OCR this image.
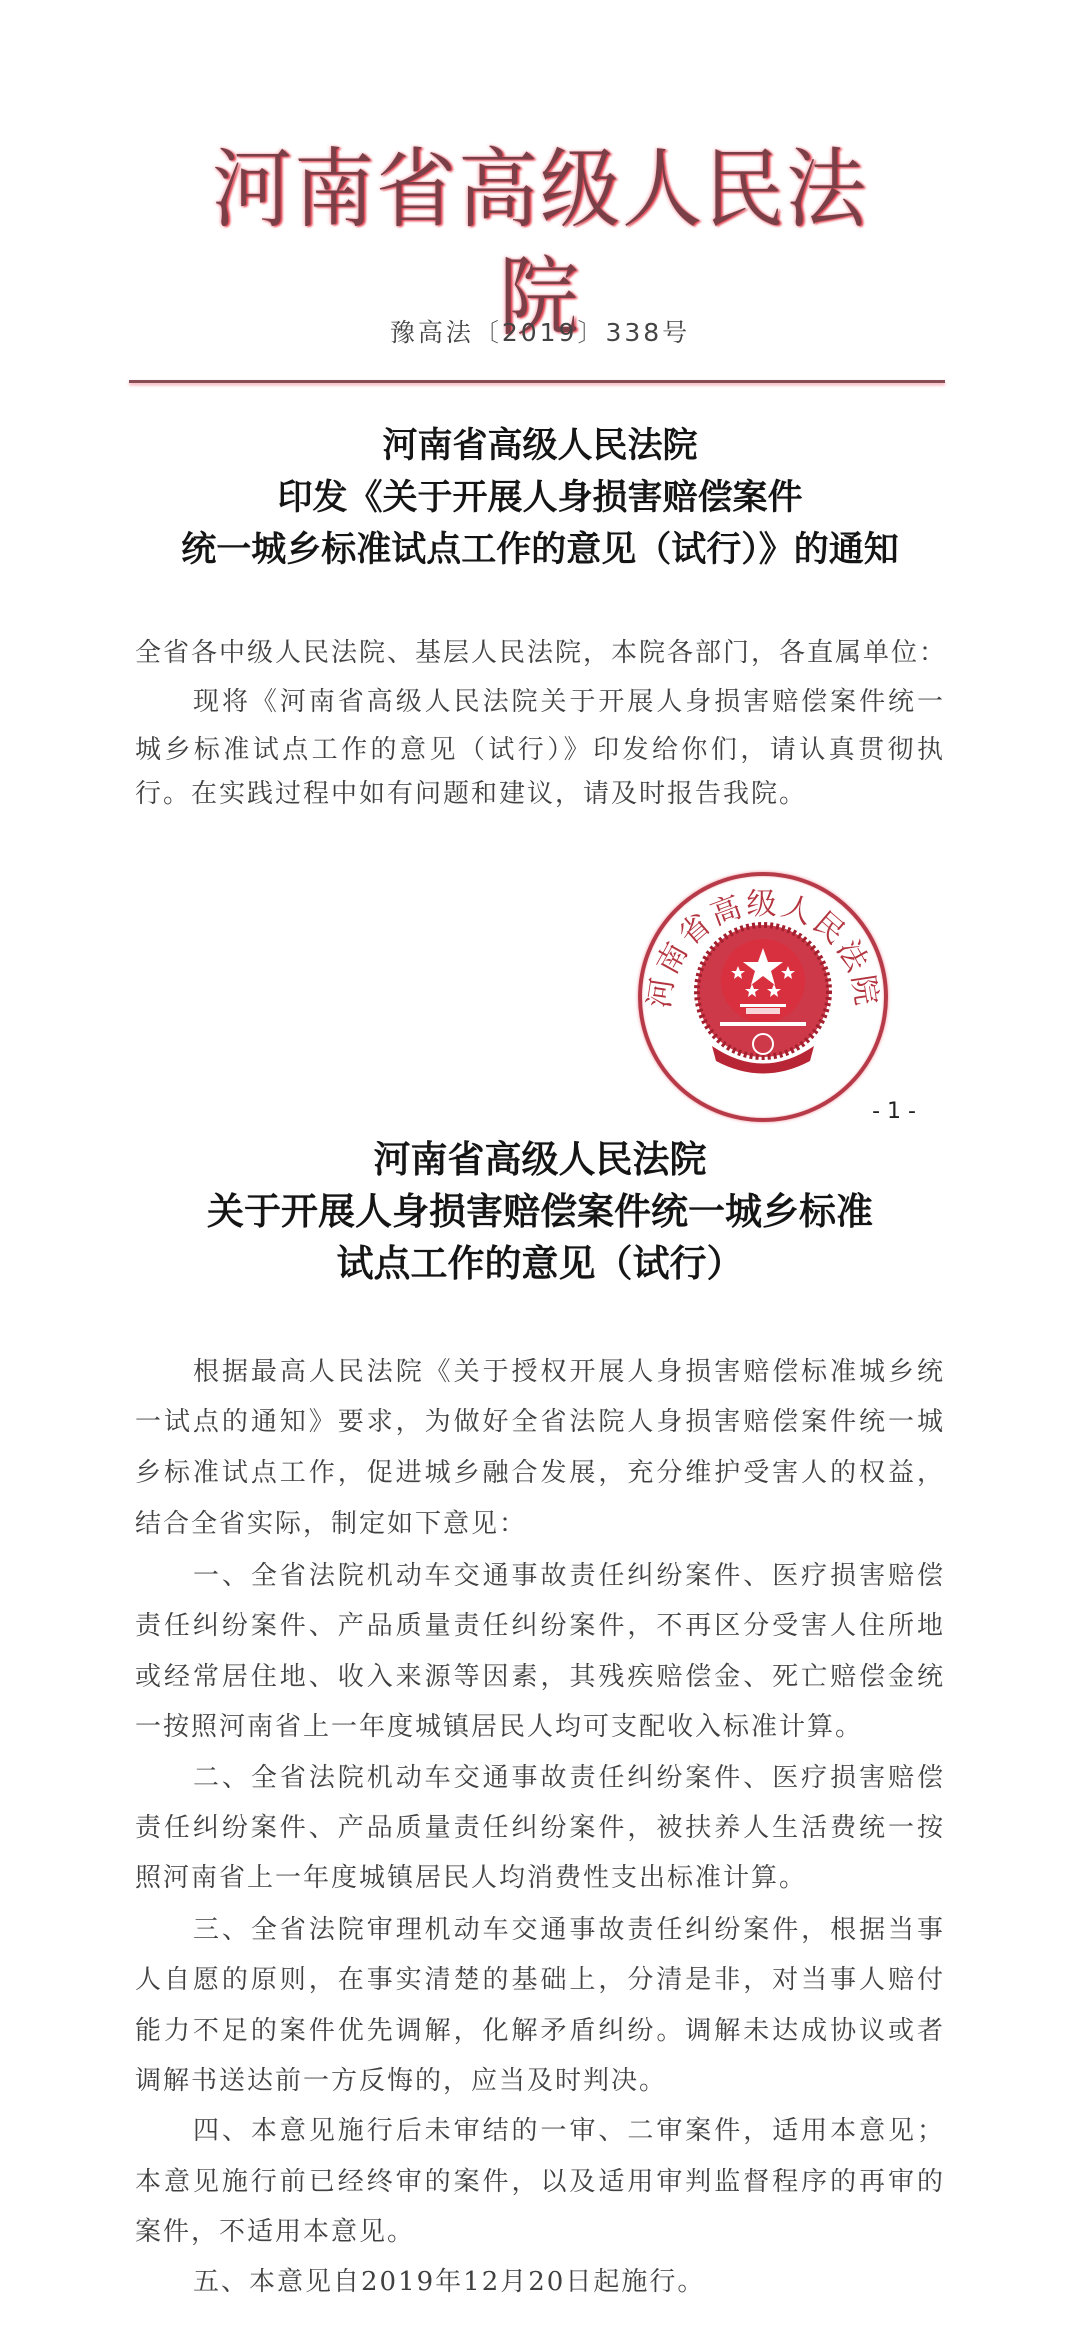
河南省高级人民法院
豫高法〔2019〕338号
河南省高级人民法院
印发《关于开展人身损害赔偿案件
统一城乡标准试点工作的意见（试行）》的通知
全省各中级人民法院、基层人民法院，本院各部门，各直属单位：
现将《河南省高级人民法院关于开展人身损害赔偿案件统一
城乡标准试点工作的意见（试行）》印发给你们，请认真贯彻执
行。在实践过程中如有问题和建议，请及时报告我院。
河南省高级人民法院
- 1 -
河南省高级人民法院
关于开展人身损害赔偿案件统一城乡标准
试点工作的意见（试行）
根据最高人民法院《关于授权开展人身损害赔偿标准城乡统
一试点的通知》要求，为做好全省法院人身损害赔偿案件统一城
乡标准试点工作，促进城乡融合发展，充分维护受害人的权益，
结合全省实际，制定如下意见：
一、全省法院机动车交通事故责任纠纷案件、医疗损害赔偿
责任纠纷案件、产品质量责任纠纷案件，不再区分受害人住所地
或经常居住地、收入来源等因素，其残疾赔偿金、死亡赔偿金统
一按照河南省上一年度城镇居民人均可支配收入标准计算。
二、全省法院机动车交通事故责任纠纷案件、医疗损害赔偿
责任纠纷案件、产品质量责任纠纷案件，被扶养人生活费统一按
照河南省上一年度城镇居民人均消费性支出标准计算。
三、全省法院审理机动车交通事故责任纠纷案件，根据当事
人自愿的原则，在事实清楚的基础上，分清是非，对当事人赔付
能力不足的案件优先调解，化解矛盾纠纷。调解未达成协议或者
调解书送达前一方反悔的，应当及时判决。
四、本意见施行后未审结的一审、二审案件，适用本意见；
本意见施行前已经终审的案件，以及适用审判监督程序的再审的
案件，不适用本意见。
五、本意见自2019年12月20日起施行。
